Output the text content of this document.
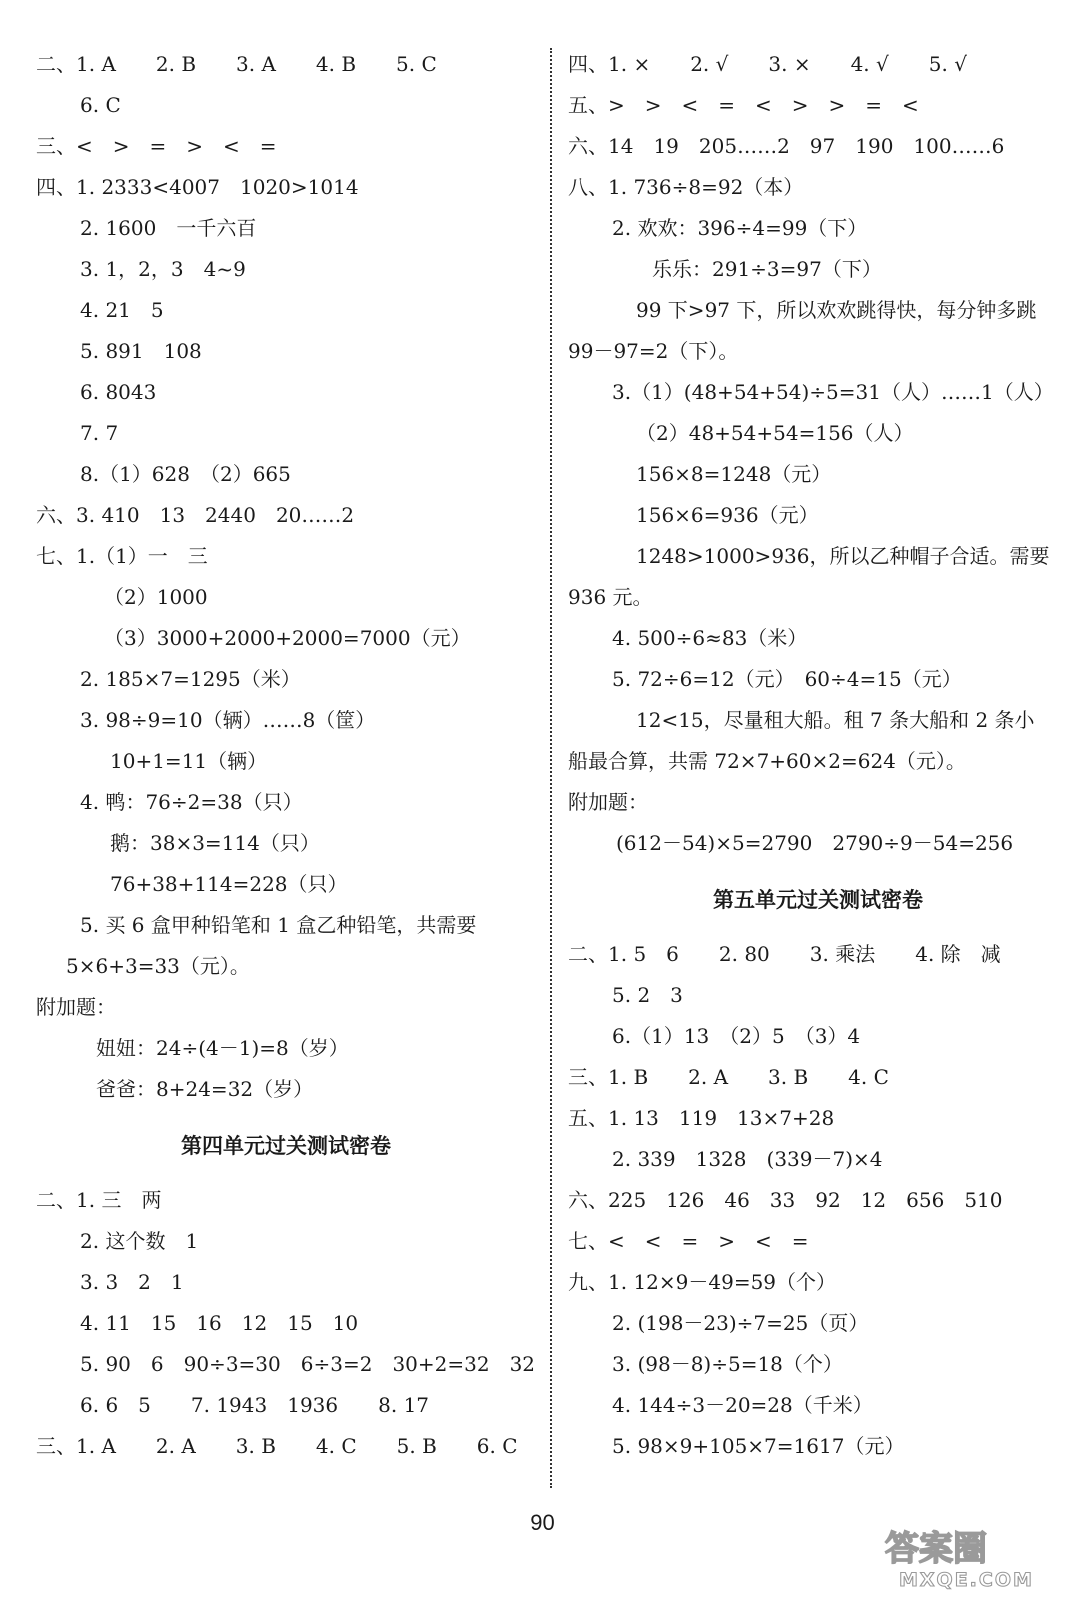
二、1. A　　2. B　　3. A　　4. B　　5. C

6. C

三、<　>　=　>　<　=

四、1. 2333<4007　1020>1014

2. 1600　一千六百

3. 1，2，3　4~9

4. 21　5

5. 891　108

6. 8043

7. 7

8.（1）628　（2）665

六、3. 410　13　2440　20……2

七、1.（1）一　三

（2）1000

（3）3000+2000+2000=7000（元）

2. 185×7=1295（米）

3. 98÷9=10（辆）……8（筐）

10+1=11（辆）

4. 鸭：76÷2=38（只）

鹅：38×3=114（只）

76+38+114=228（只）

5. 买 6 盒甲种铅笔和 1 盒乙种铅笔，共需要

5×6+3=33（元）。

附加题：

妞妞：24÷(4－1)=8（岁）

爸爸：8+24=32（岁）

第四单元过关测试密卷

二、1. 三　两

2. 这个数　1

3. 3　2　1

4. 11　15　16　12　15　10

5. 90　6　90÷3=30　6÷3=2　30+2=32　32

6. 6　5　　7. 1943　1936　　8. 17

三、1. A　　2. A　　3. B　　4. C　　5. B　　6. C

四、1. ×　　2. √　　3. ×　　4. √　　5. √

五、>　>　<　=　<　>　>　=　<

六、14　19　205……2　97　190　100……6

八、1. 736÷8=92（本）

2. 欢欢：396÷4=99（下）

乐乐：291÷3=97（下）

99 下>97 下，所以欢欢跳得快，每分钟多跳

99－97=2（下）。

3.（1）(48+54+54)÷5=31（人）……1（人）

（2）48+54+54=156（人）

156×8=1248（元）

156×6=936（元）

1248>1000>936，所以乙种帽子合适。需要

936 元。

4. 500÷6≈83（米）

5. 72÷6=12（元）　60÷4=15（元）

12<15，尽量租大船。租 7 条大船和 2 条小

船最合算，共需 72×7+60×2=624（元）。

附加题：

(612－54)×5=2790　2790÷9－54=256

第五单元过关测试密卷

二、1. 5　6　　2. 80　　3. 乘法　　4. 除　减

5. 2　3

6.（1）13　（2）5　（3）4

三、1. B　　2. A　　3. B　　4. C

五、1. 13　119　13×7+28

2. 339　1328　(339－7)×4

六、225　126　46　33　92　12　656　510

七、<　<　=　>　<　=

九、1. 12×9－49=59（个）

2. (198－23)÷7=25（页）

3. (98－8)÷5=18（个）

4. 144÷3－20=28（千米）

5. 98×9+105×7=1617（元）

90
答案圈
MXQE.COM
